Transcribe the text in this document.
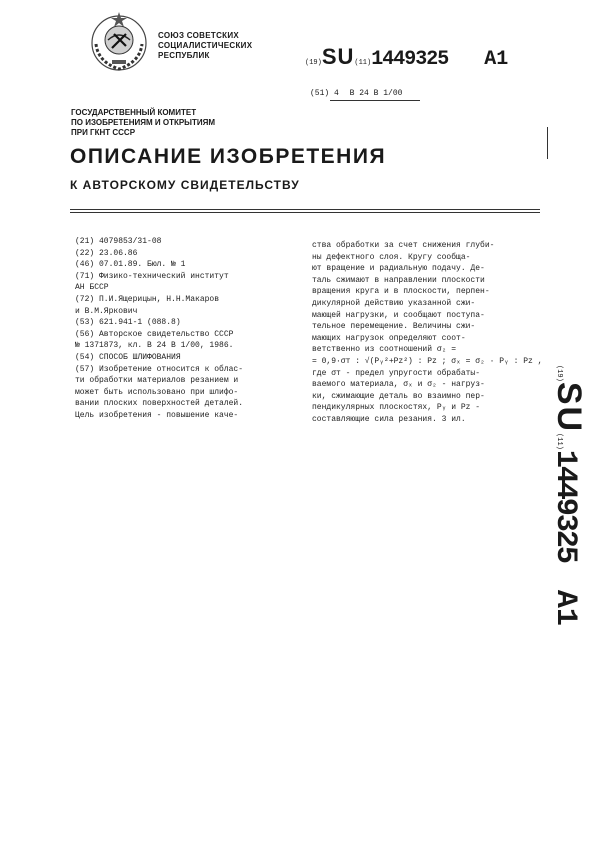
СОЮЗ СОВЕТСКИХ
СОЦИАЛИСТИЧЕСКИХ
РЕСПУБЛИК
(19)SU(11)1449325 A1
(51) 4 В 24 В 1/00
ГОСУДАРСТВЕННЫЙ КОМИТЕТ
ПО ИЗОБРЕТЕНИЯМ И ОТКРЫТИЯМ
ПРИ ГКНТ СССР
ОПИСАНИЕ ИЗОБРЕТЕНИЯ
К АВТОРСКОМУ СВИДЕТЕЛЬСТВУ
(21) 4079853/31-08
(22) 23.06.86
(46) 07.01.89. Бюл. № 1
(71) Физико-технический институт
АН БССР
(72) П.И.Ящерицын, Н.Н.Макаров
и В.М.Яркович
(53) 621.941-1 (088.8)
(56) Авторское свидетельство СССР
№ 1371873, кл. В 24 В 1/00, 1986.
(54) СПОСОБ ШЛИФОВАНИЯ
(57) Изобретение относится к облас-
ти обработки материалов резанием и
может быть использовано при шлифо-
вании плоских поверхностей деталей.
Цель изобретения - повышение каче-
ства обработки за счет снижения глуби-
ны дефектного слоя. Кругу сообща-
ют вращение и радиальную подачу. Де-
таль сжимают в направлении плоскости
вращения круга и в плоскости, перпен-
дикулярной действию указанной сжи-
мающей нагрузки, и сообщают поступа-
тельное перемещение. Величины сжи-
мающих нагрузок определяют соот-
ветственно из соотношений σ₂ =
= 0,9·σт : √(Pᵧ²+Pz²) : Pz ; σₓ = σ₂ · Pᵧ : Pz ,
где σт - предел упругости обрабаты-
ваемого материала, σₓ и σ₂ - нагруз-
ки, сжимающие деталь во взаимно пер-
пендикулярных плоскостях, Pᵧ и Pz -
составляющие сила резания. 3 ил.
(19)SU(11)1449325A1
